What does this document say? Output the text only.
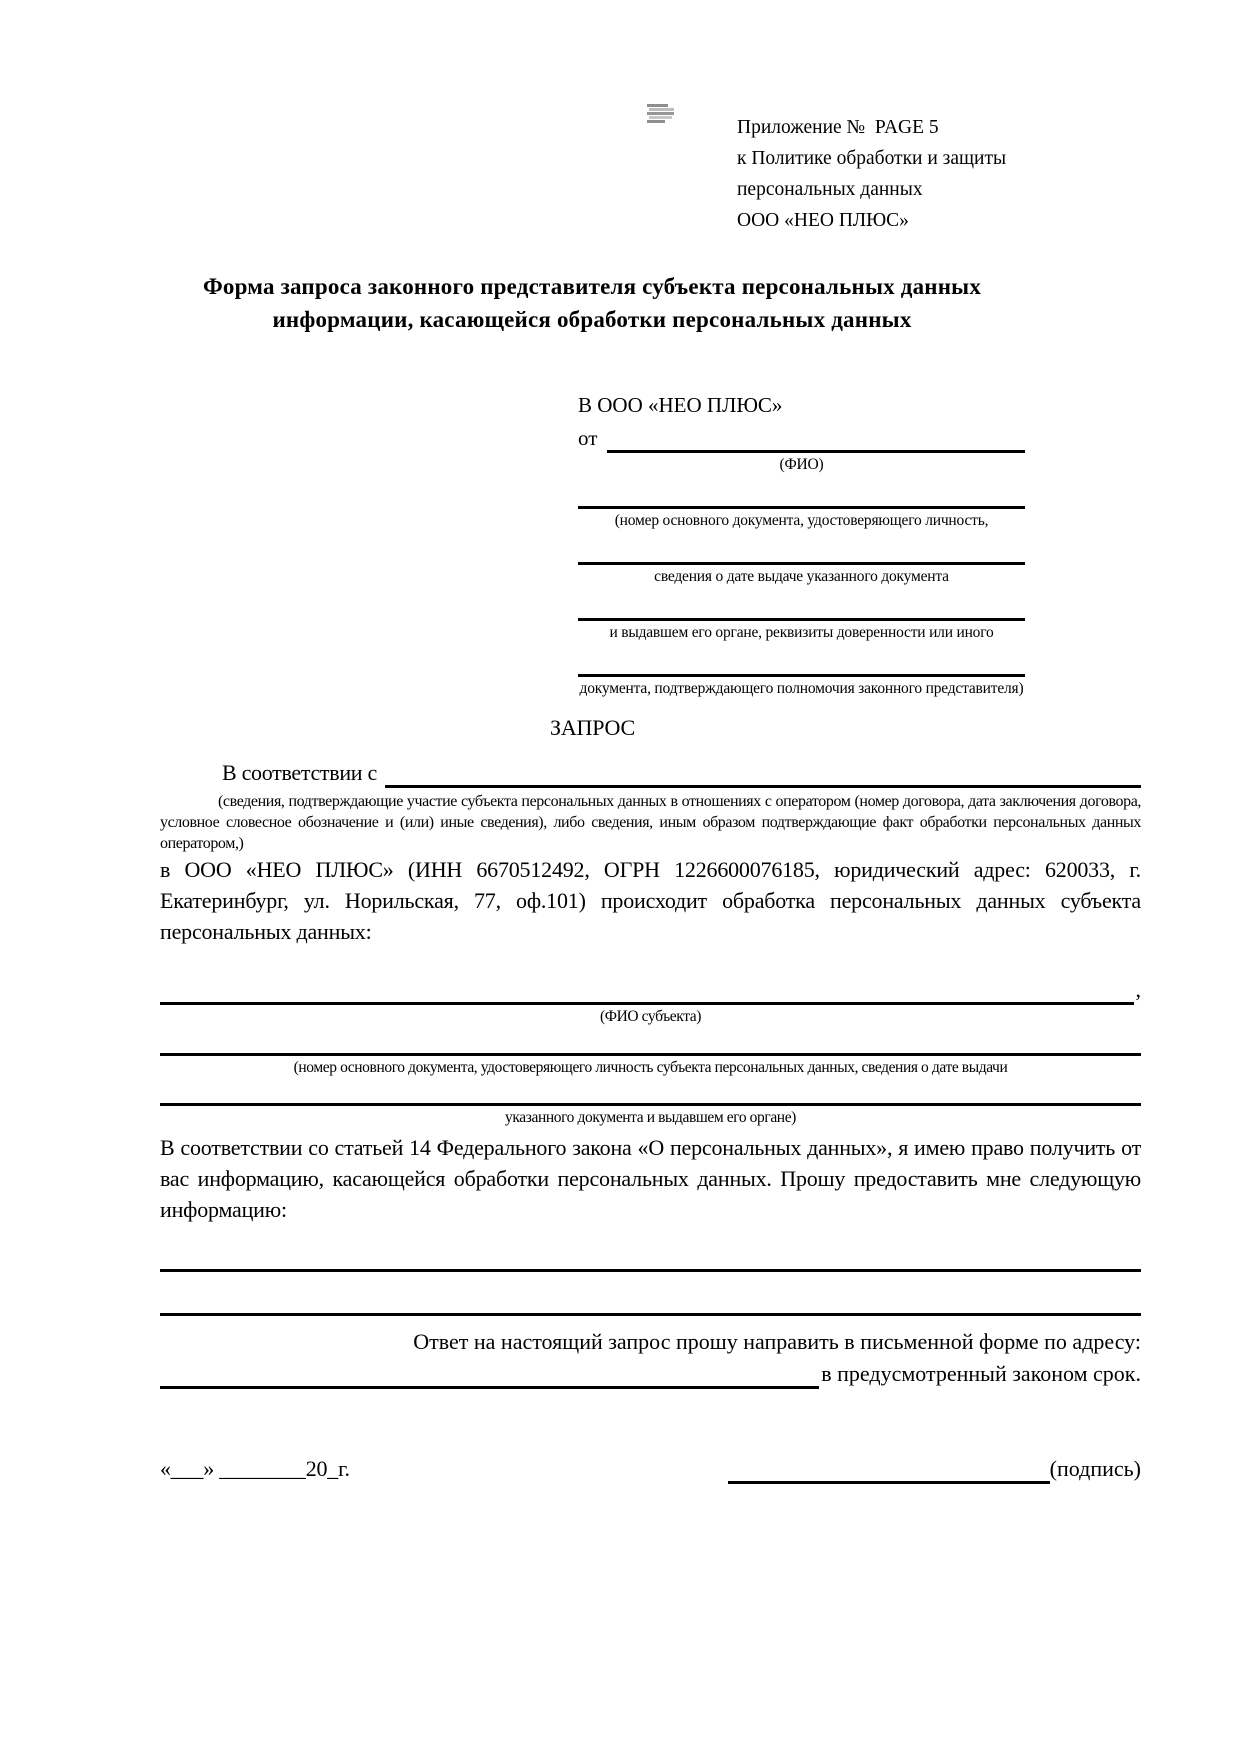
Приложение №  PAGE 5
к Политике обработки и защиты
персональных данных
ООО «НЕО ПЛЮС»
Форма запроса законного представителя субъекта персональных данных
информации, касающейся обработки персональных данных
В ООО «НЕО ПЛЮС»
от
(ФИО)
(номер основного документа, удостоверяющего личность,
сведения о дате выдаче указанного документа
и выдавшем его органе, реквизиты доверенности или иного
документа, подтверждающего полномочия законного представителя)
ЗАПРОС
В соответствии с
(сведения, подтверждающие участие субъекта персональных данных в отношениях с оператором (номер договора, дата заключения договора, условное словесное обозначение и (или) иные сведения), либо сведения, иным образом подтверждающие факт обработки персональных данных оператором,)
в ООО «НЕО ПЛЮС» (ИНН 6670512492, ОГРН 1226600076185, юридический адрес: 620033, г. Екатеринбург, ул. Норильская, 77, оф.101) происходит обработка персональных данных субъекта персональных данных:
,
(ФИО субъекта)
(номер основного документа, удостоверяющего личность субъекта персональных данных, сведения о дате выдачи
указанного документа и выдавшем его органе)
В соответствии со статьей 14 Федерального закона «О персональных данных», я имею право получить от вас информацию, касающейся обработки персональных данных. Прошу предоставить мне следующую информацию:
Ответ на настоящий запрос прошу направить в письменной форме по адресу:
в предусмотренный законом срок.
«___» ________20_г.	(подпись)
